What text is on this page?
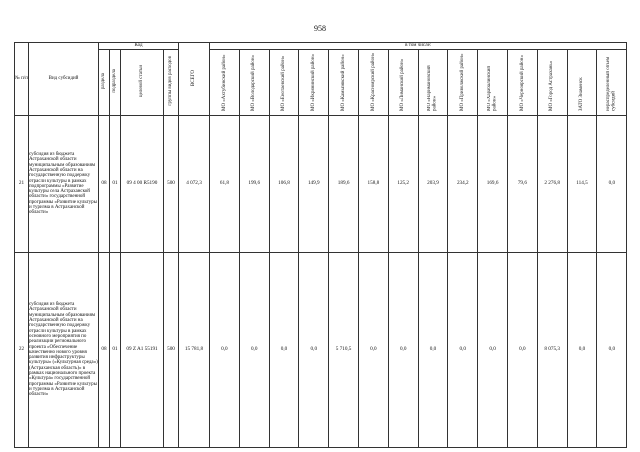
958
№ п/п	Вид субсидий	Код				ВСЕГО	в том числе:													
		раздела	подраздела	целевой статьи	группы видов расходов		МО «Ахтубинский район»	МО «Володарский район»	МО «Енотаевский район»	МО «Икрянинский район»	МО «Камызякский район»	МО «Красноярский район»	МО «Лиманский район»	МО «Наримановский район»	МО «Приволжский район»	МО «Харабалинский район»	МО «Черноярский район»	МО «Город Астрахань»	ЗАТО Знаменск	нераспределенный объем субсидий
21	субсидия из бюджета Астраханской области муниципальным образованиям Астраханской области на государственную поддержку отрасли культуры в рамках подпрограммы «Развитие культуры села Астраханской области» государственной программы «Развитие культуры и туризма в Астраханской области»	08	01	09 4 00 R5190	500	4 072,3	61,8	199,6	106,8	149,9	189,6	158,8	125,2	203,9	234,2	169,6	79,6	2 276,8	114,5	0,0
22	субсидия из бюджета Астраханской области муниципальным образованиям Астраханской области на государственную поддержку отрасли культуры в рамках основного мероприятия по реализации регионального проекта «Обеспечение качественно нового уровня развития инфраструктуры культуры» («Культурная среда») (Астраханская область)» в рамках национального проекта «Культура» государственной программы «Развитие культуры и туризма в Астраханской области»	08	01	09 Z A1 55191	500	15 781,8	0,0	0,0	0,0	0,0	5 710,5	0,0	0,0	0,0	0,0	0,0	0,0	8 075,3	0,0	0,0
